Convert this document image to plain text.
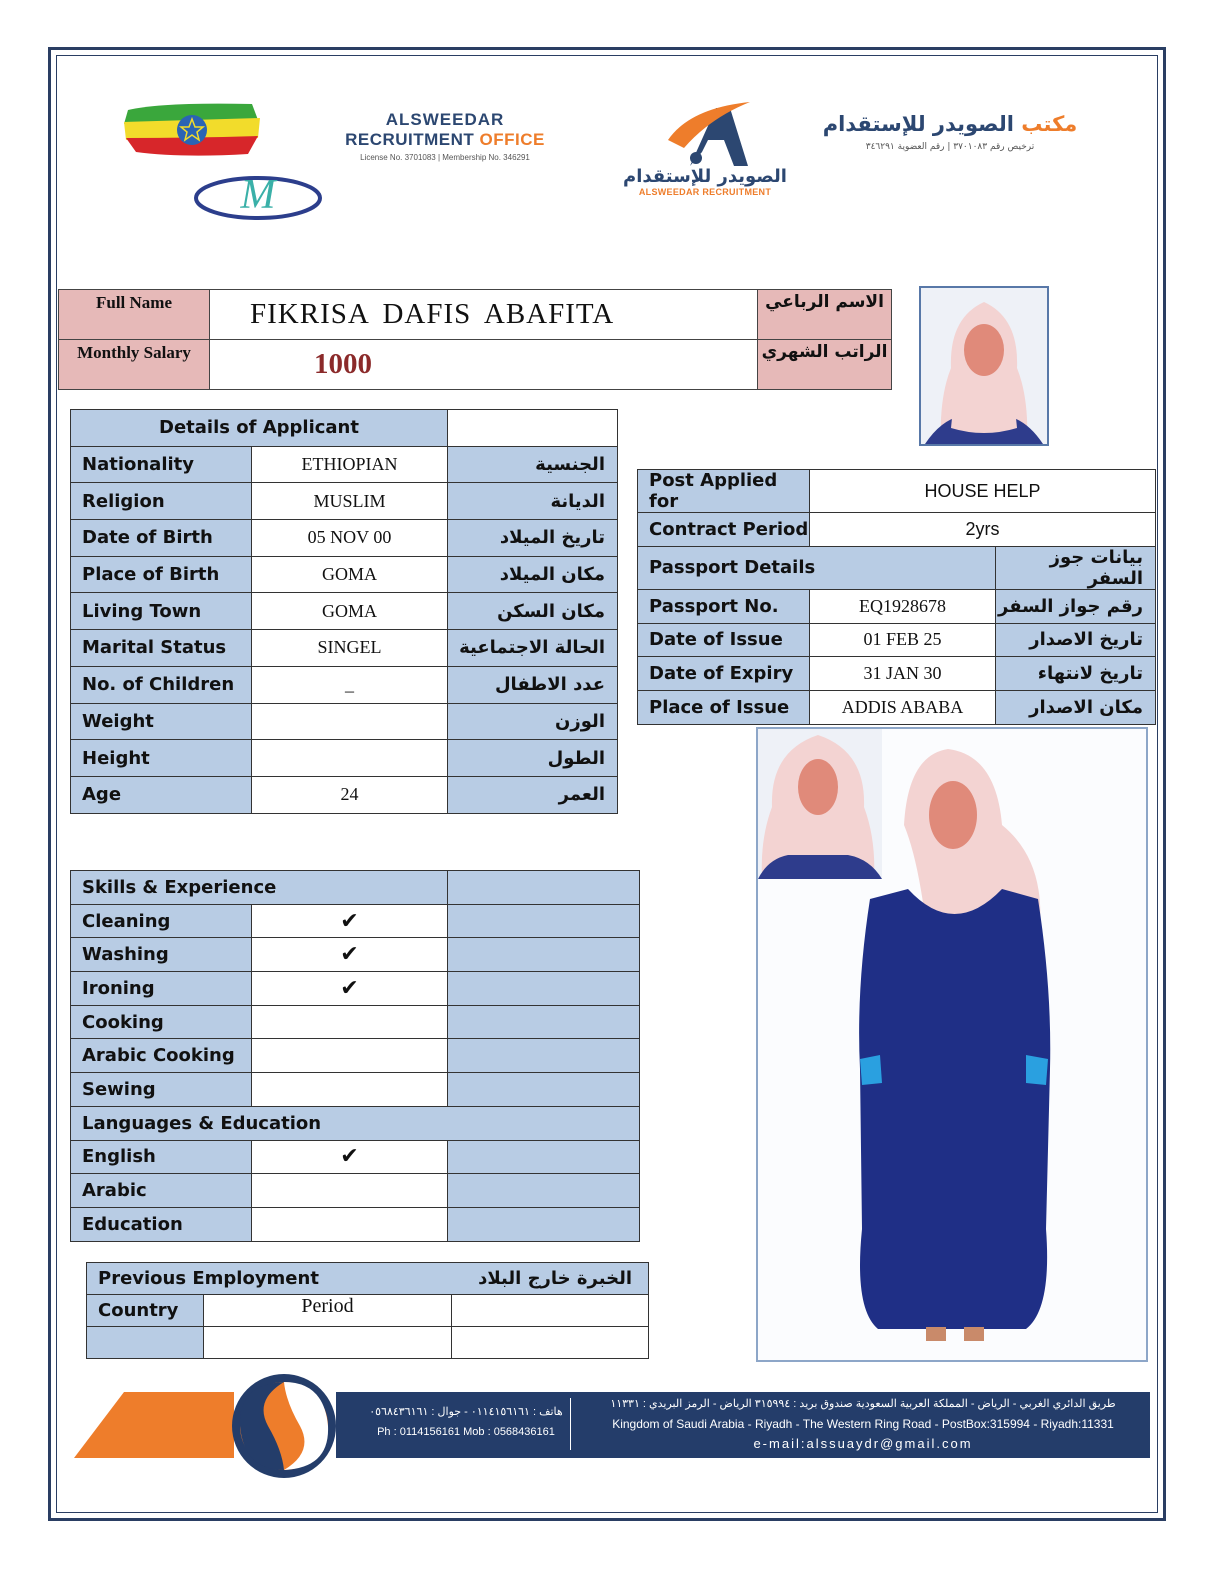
M
ALSWEEDAR
RECRUITMENT OFFICE
License No. 3701083 | Membership No. 346291
الصويدر للإستقدام
ALSWEEDAR RECRUITMENT
مكتب الصويدر للإستقدام
ترخيص رقم ٣٧٠١٠٨٣ | رقم العضوية ٣٤٦٢٩١
Full Name	FIKRISA DAFIS ABAFITA	الاسم الرباعي
Monthly Salary	1000	الراتب الشهري
Details of Applicant		
Nationality	ETHIOPIAN	الجنسية
Religion	MUSLIM	الديانة
Date of Birth	05 NOV 00	تاريخ الميلاد
Place of Birth	GOMA	مكان الميلاد
Living Town	GOMA	مكان السكن
Marital Status	SINGEL	الحالة الاجتماعية
No. of Children	_	عدد الاطفال
Weight		الوزن
Height		الطول
Age	24	العمر
Post Applied for	HOUSE HELP	
Contract Period	2yrs	
Passport Details		بيانات جوز السفر
Passport No.	EQ1928678	رقم جواز السفر
Date of Issue	01 FEB 25	تاريخ الاصدار
Date of Expiry	31 JAN 30	تاريخ لانتهاء
Place of Issue	ADDIS ABABA	مكان الاصدار
Skills & Experience		
Cleaning	✔	
Washing	✔	
Ironing	✔	
Cooking		
Arabic Cooking		
Sewing		
Languages & Education		
English	✔	
Arabic		
Education		
Previous Employment الخبرة خارج البلاد		

Country	Period	

هاتف : ٠١١٤١٥٦١٦١ - جوال : ٠٥٦٨٤٣٦١٦١
Ph : 0114156161 Mob : 0568436161
طريق الدائري الغربي - الرياض - المملكة العربية السعودية صندوق بريد : ٣١٥٩٩٤ الرياض - الرمز البريدي : ١١٣٣١
Kingdom of Saudi Arabia - Riyadh - The Western Ring Road - PostBox:315994 - Riyadh:11331
e-mail:alssuaydr@gmail.com
